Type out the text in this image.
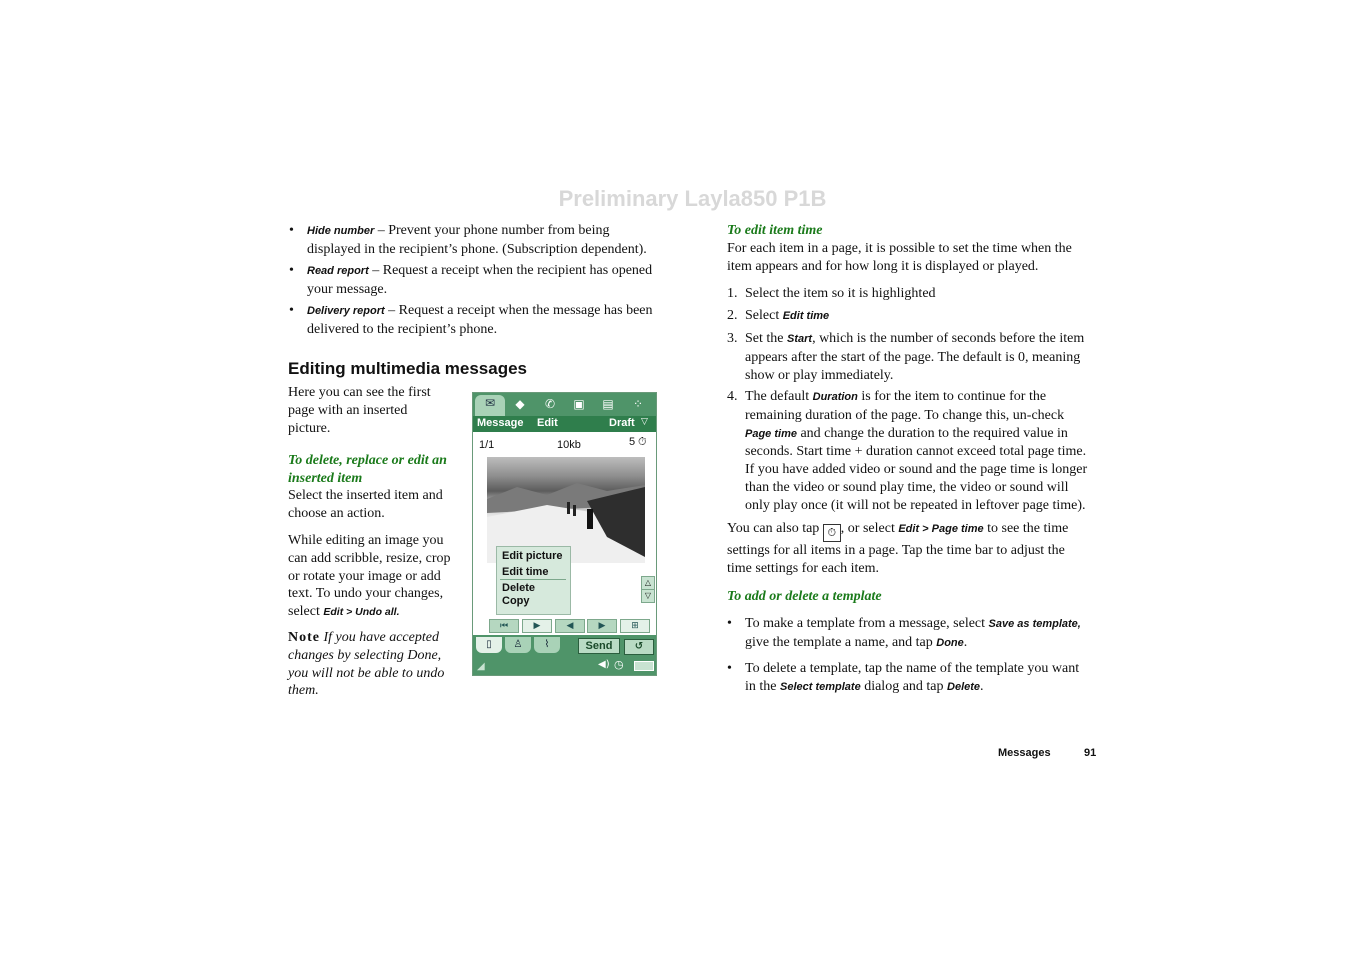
Preliminary Layla850 P1B
• Hide number – Prevent your phone number from being
displayed in the recipient’s phone. (Subscription dependent).
• Read report – Request a receipt when the recipient has opened
your message.
• Delivery report – Request a receipt when the message has been
delivered to the recipient’s phone.
Editing multimedia messages
Here you can see the first
page with an inserted
picture.
To delete, replace or edit an
inserted item
Select the inserted item and
choose an action.
While editing an image you
can add scribble, resize, crop
or rotate your image or add
text. To undo your changes,
select Edit > Undo all.
Note If you have accepted
changes by selecting Done,
you will not be able to undo
them.
✉	◆	✆	▣ ▤	⁘
Message Edit	Draft ▽
1/1	10kb	5 ⏱
Edit picture
Edit time
Delete
Copy
△
▽
⏮	▶	◀	▶	⊞
▯	♙	⌇	Send	↺
◢	◀) ◷
To edit item time
For each item in a page, it is possible to set the time when the
item appears and for how long it is displayed or played.
1. Select the item so it is highlighted
2. Select Edit time
3. Set the Start, which is the number of seconds before the item
appears after the start of the page. The default is 0, meaning
show or play immediately.
4. The default Duration is for the item to continue for the
remaining duration of the page. To change this, un-check
Page time and change the duration to the required value in
seconds. Start time + duration cannot exceed total page time.
If you have added video or sound and the page time is longer
than the video or sound play time, the video or sound will
only play once (it will not be repeated in leftover page time).
You can also tap ⏱ , or select Edit > Page time to see the time
settings for all items in a page. Tap the time bar to adjust the
time settings for each item.
To add or delete a template
• To make a template from a message, select Save as template,
give the template a name, and tap Done.
• To delete a template, tap the name of the template you want
in the Select template dialog and tap Delete.
Messages	91
